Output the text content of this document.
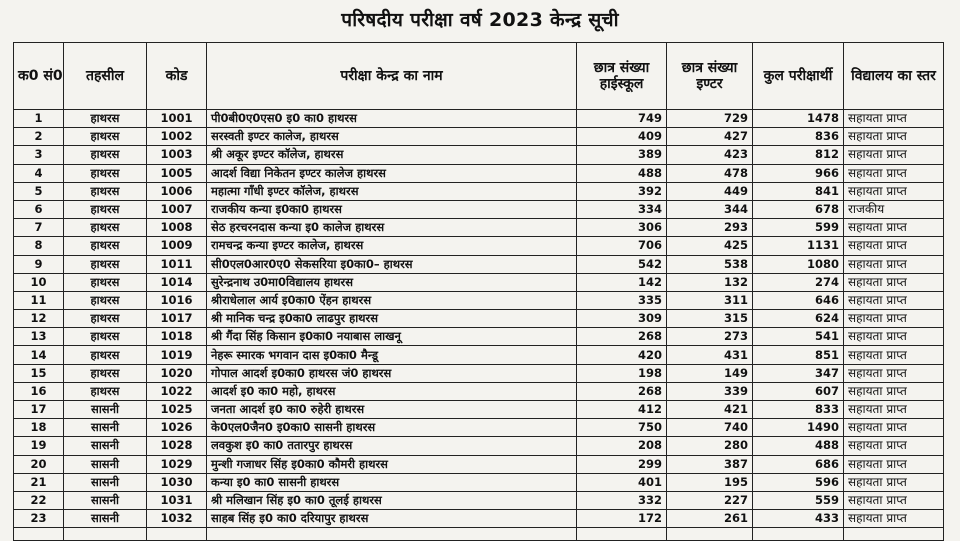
परिषदीय परीक्षा वर्ष 2023 केन्द्र सूची
क0 सं0	तहसील	कोड	परीक्षा केन्द्र का नाम	छात्र संख्या हाईस्कूल	छात्र संख्या इण्टर	कुल परीक्षार्थी	विद्यालय का स्तर
1	हाथरस	1001	पी0बी0ए0एस0 इ0 का0 हाथरस	749	729	1478	सहायता प्राप्त
2	हाथरस	1002	सरस्वती इण्टर कालेज, हाथरस	409	427	836	सहायता प्राप्त
3	हाथरस	1003	श्री अकूर इण्टर कॉलेज, हाथरस	389	423	812	सहायता प्राप्त
4	हाथरस	1005	आदर्श विद्या निकेतन इण्टर कालेज हाथरस	488	478	966	सहायता प्राप्त
5	हाथरस	1006	महात्मा गाँधी इण्टर कॉलेज, हाथरस	392	449	841	सहायता प्राप्त
6	हाथरस	1007	राजकीय कन्या इ0का0 हाथरस	334	344	678	राजकीय
7	हाथरस	1008	सेठ हरचरनदास कन्या इ0 कालेज हाथरस	306	293	599	सहायता प्राप्त
8	हाथरस	1009	रामचन्द्र कन्या इण्टर कालेज, हाथरस	706	425	1131	सहायता प्राप्त
9	हाथरस	1011	सी0एल0आर0ए0 सेकसरिया इ0का0– हाथरस	542	538	1080	सहायता प्राप्त
10	हाथरस	1014	सुरेन्द्रनाथ उ0मा0विद्यालय हाथरस	142	132	274	सहायता प्राप्त
11	हाथरस	1016	श्रीराधेलाल आर्य इ0का0 ऐंहन हाथरस	335	311	646	सहायता प्राप्त
12	हाथरस	1017	श्री मानिक चन्द्र इ0का0 लाढपुर हाथरस	309	315	624	सहायता प्राप्त
13	हाथरस	1018	श्री गैंदा सिंह किसान इ0का0 नयाबास लाखनू	268	273	541	सहायता प्राप्त
14	हाथरस	1019	नेहरू स्मारक भगवान दास इ0का0 मैन्डू	420	431	851	सहायता प्राप्त
15	हाथरस	1020	गोपाल आदर्श इ0का0 हाथरस जं0 हाथरस	198	149	347	सहायता प्राप्त
16	हाथरस	1022	आदर्श इ0 का0 महो, हाथरस	268	339	607	सहायता प्राप्त
17	सासनी	1025	जनता आदर्श इ0 का0 रुहेरी हाथरस	412	421	833	सहायता प्राप्त
18	सासनी	1026	के0एल0जैन0 इ0का0 सासनी हाथरस	750	740	1490	सहायता प्राप्त
19	सासनी	1028	लवकुश इ0 का0 ततारपुर हाथरस	208	280	488	सहायता प्राप्त
20	सासनी	1029	मुन्शी गजाधर सिंह इ0का0 कौमरी हाथरस	299	387	686	सहायता प्राप्त
21	सासनी	1030	कन्या इ0 का0 सासनी हाथरस	401	195	596	सहायता प्राप्त
22	सासनी	1031	श्री मलिखान सिंह इ0 का0 तूलई हाथरस	332	227	559	सहायता प्राप्त
23	सासनी	1032	साहब सिंह इ0 का0 दरियापुर हाथरस	172	261	433	सहायता प्राप्त
